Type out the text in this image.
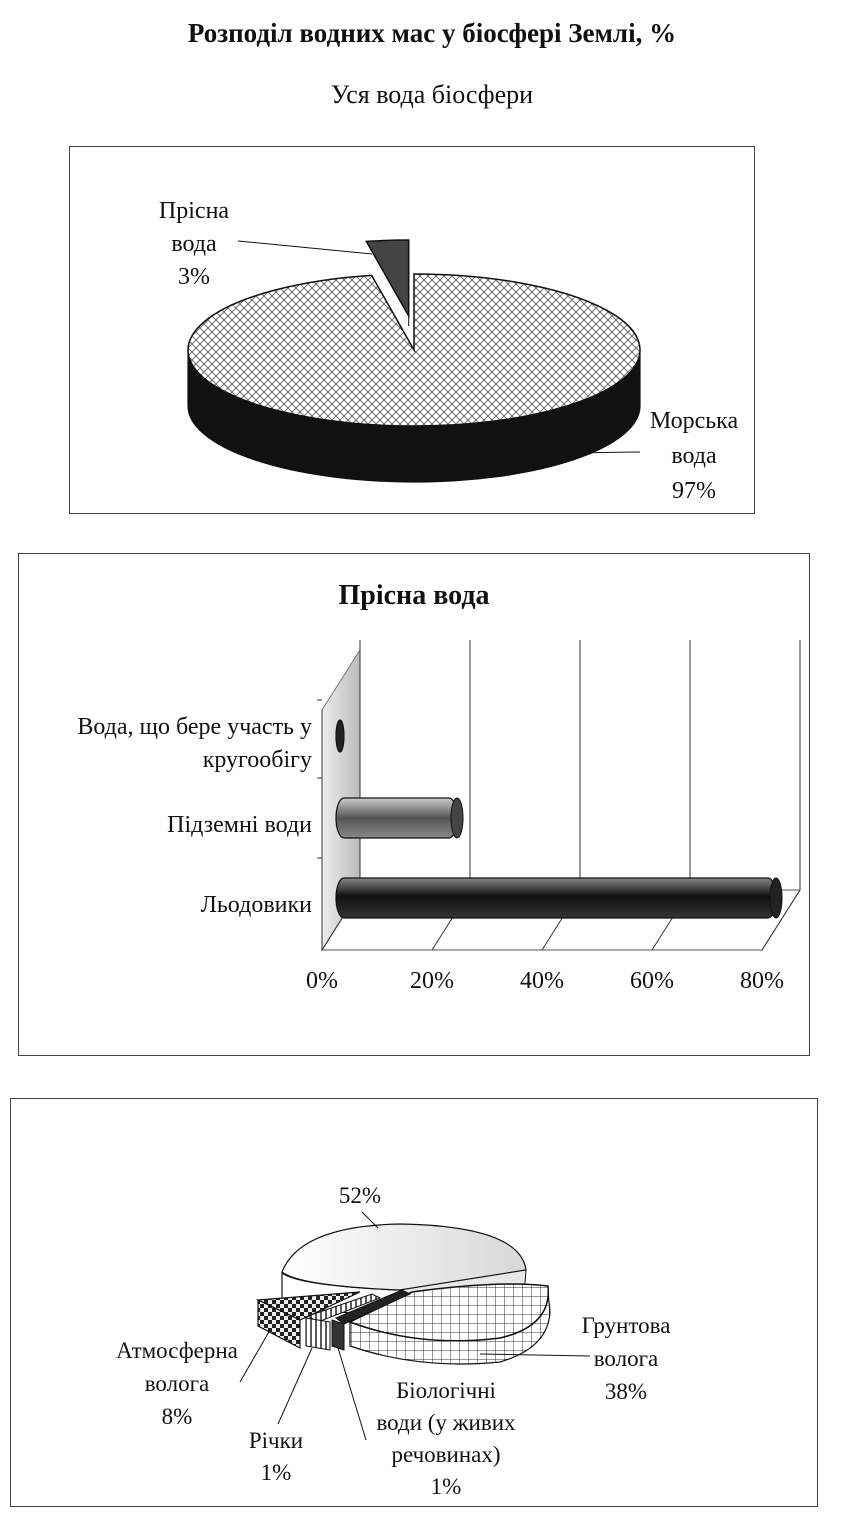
Розподіл водних мас у біосфері Землі, %
Уся вода біосфери
Прісна
вода
3%
Морська
вода
97%
Прісна вода
0%	20%	40%	60%	80%
Вода, що бере участь у
кругообігу
Підземні води
Льодовики
52%
Грунтова
волога
38%
Біологічні
води (у живих
речовинах)
1%
Річки
1%
Атмосферна
волога
8%
